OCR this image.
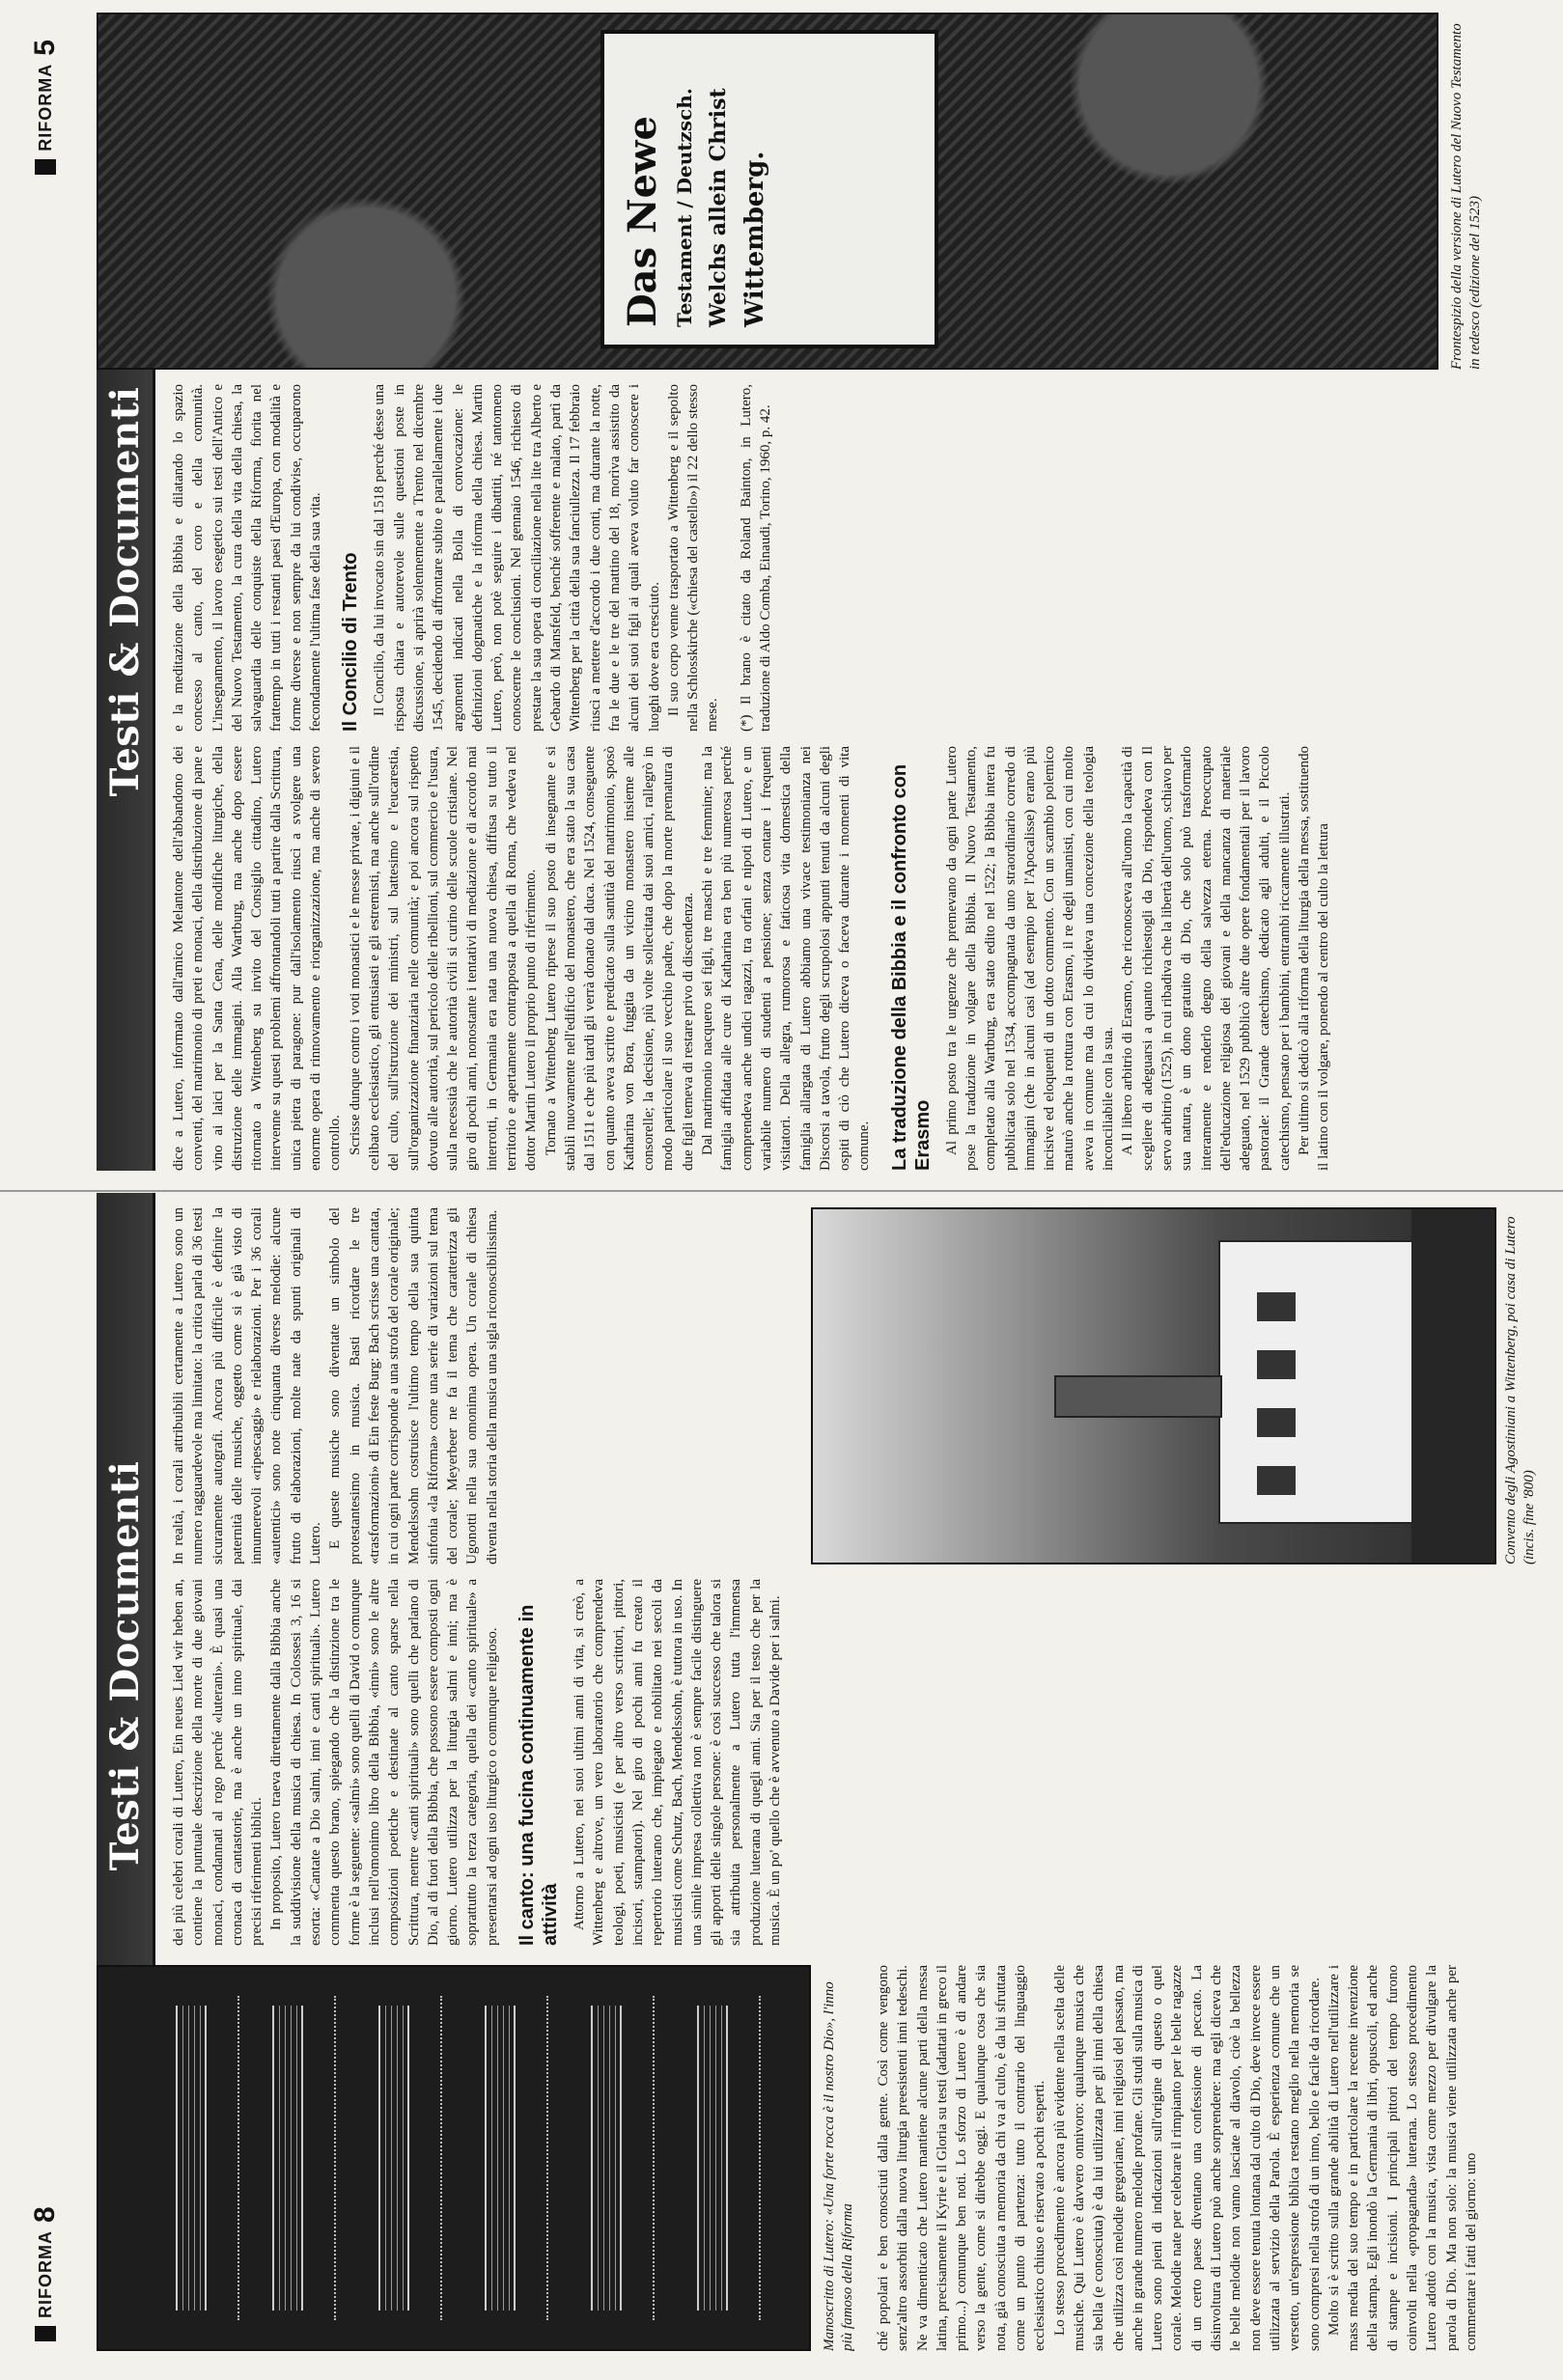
RIFORMA
8
Testi & Documenti
Manoscritto di Lutero: «Una forte rocca è il nostro Dio», l'inno più famoso della Riforma	ché popolari e ben conosciuti dalla gente. Così come vengono senz'altro assorbiti dalla nuova liturgia preesistenti inni tedeschi. Ne va dimenticato che Lutero mantiene alcune parti della messa latina, precisamente il Kyrie e il Gloria su testi (adattati in greco il primo...) comunque ben noti. Lo sforzo di Lutero è di andare verso la gente, come si direbbe oggi. E qualunque cosa che sia nota, già conosciuta a memoria da chi va al culto, è da lui sfruttata come un punto di partenza: tutto il contrario del linguaggio ecclesiastico chiuso e riservato a pochi esperti. Lo stesso procedimento è ancora più evidente nella scelta delle musiche. Qui Lutero è davvero onnivoro: qualunque musica che sia bella (e conosciuta) è da lui utilizzata per gli inni della chiesa che utilizza così melodie gregoriane, inni religiosi del passato, ma anche in grande numero melodie profane. Gli studi sulla musica di Lutero sono pieni di indicazioni sull'origine di questo o quel corale. Melodie nate per celebrare il rimpianto per le belle ragazze di un certo paese diventano una confessione di peccato. La disinvoltura di Lutero può anche sorprendere: ma egli diceva che le belle melodie non vanno lasciate al diavolo, cioè la bellezza non deve essere tenuta lontana dal culto di Dio, deve invece essere utilizzata al servizio della Parola. È esperienza comune che un versetto, un'espressione biblica restano meglio nella memoria se sono compresi nella strofa di un inno, bello e facile da ricordare. Molto si è scritto sulla grande abilità di Lutero nell'utilizzare i mass media del suo tempo e in particolare la recente invenzione della stampa. Egli inondò la Germania di libri, opuscoli, ed anche di stampe e incisioni. I principali pittori del tempo furono coinvolti nella «propaganda» luterana. Lo stesso procedimento Lutero adottò con la musica, vista come mezzo per divulgare la parola di Dio. Ma non solo: la musica viene utilizzata anche per commentare i fatti del giorno: uno

dei più celebri corali di Lutero, Ein neues Lied wir heben an, contiene la puntuale descrizione della morte di due giovani monaci, condannati al rogo perché «luterani». È quasi una cronaca di cantastorie, ma è anche un inno spirituale, dai precisi riferimenti biblici. In proposito, Lutero traeva direttamente dalla Bibbia anche la suddivisione della musica di chiesa. In Colossesi 3, 16 si esorta: «Cantate a Dio salmi, inni e canti spirituali». Lutero commenta questo brano, spiegando che la distinzione tra le forme è la seguente: «salmi» sono quelli di David o comunque inclusi nell'omonimo libro della Bibbia, «inni» sono le altre composizioni poetiche e destinate al canto sparse nella Scrittura, mentre «canti spirituali» sono quelli che parlano di Dio, al di fuori della Bibbia, che possono essere composti ogni giorno. Lutero utilizza per la liturgia salmi e inni; ma è soprattutto la terza categoria, quella dei «canto spirituale» a presentarsi ad ogni uso liturgico o comunque religioso. Il canto: una fucina continuamente in attività Attorno a Lutero, nei suoi ultimi anni di vita, si creò, a Wittenberg e altrove, un vero laboratorio che comprendeva teologi, poeti, musicisti (e per altro verso scrittori, pittori, incisori, stampatori). Nel giro di pochi anni fu creato il repertorio luterano che, impiegato e nobilitato nei secoli da musicisti come Schutz, Bach, Mendelssohn, è tuttora in uso. In una simile impresa collettiva non è sempre facile distinguere gli apporti delle singole persone: è così successo che talora si sia attribuita personalmente a Lutero tutta l'immensa produzione luterana di quegli anni. Sia per il testo che per la musica. È un po' quello che è avvenuto a Davide per i salmi.

In realtà, i corali attribuibili certamente a Lutero sono un numero ragguardevole ma limitato: la critica parla di 36 testi sicuramente autografi. Ancora più difficile è definire la paternità delle musiche, oggetto come si è già visto di innumerevoli «ripescaggi» e rielaborazioni. Per i 36 corali «autentici» sono note cinquanta diverse melodie: alcune frutto di elaborazioni, molte nate da spunti originali di Lutero. E queste musiche sono diventate un simbolo del protestantesimo in musica. Basti ricordare le tre «trasformazioni» di Ein feste Burg: Bach scrisse una cantata, in cui ogni parte corrisponde a una strofa del corale originale; Mendelssohn costruisce l'ultimo tempo della sua quinta sinfonia «la Riforma» come una serie di variazioni sul tema del corale; Meyerbeer ne fa il tema che caratterizza gli Ugonotti nella sua omonima opera. Un corale di chiesa diventa nella storia della musica una sigla riconoscibilissima.	Convento degli Agostiniani a Wittenberg, poi casa di Lutero (incis. fine '800)
RIFORMA
5
Testi & Documenti

dice a Lutero, informato dall'amico Melantone dell'abbandono dei conventi, del matrimonio di preti e monaci, della distribuzione di pane e vino ai laici per la Santa Cena, delle modifiche liturgiche, della distruzione delle immagini. Alla Wartburg, ma anche dopo essere ritornato a Wittenberg su invito del Consiglio cittadino, Lutero intervenne su questi problemi affrontandoli tutti a partire dalla Scrittura, unica pietra di paragone: pur dall'isolamento riuscì a svolgere una enorme opera di rinnovamento e riorganizzazione, ma anche di severo controllo. Scrisse dunque contro i voti monastici e le messe private, i digiuni e il celibato ecclesiastico, gli entusiasti e gli estremisti, ma anche sull'ordine del culto, sull'istruzione dei ministri, sul battesimo e l'eucarestia, sull'organizzazione finanziaria nelle comunità; e poi ancora sul rispetto dovuto alle autorità, sul pericolo delle ribellioni, sul commercio e l'usura, sulla necessità che le autorità civili si curino delle scuole cristiane. Nel giro di pochi anni, nonostante i tentativi di mediazione e di accordo mai interrotti, in Germania era nata una nuova chiesa, diffusa su tutto il territorio e apertamente contrapposta a quella di Roma, che vedeva nel dottor Martin Lutero il proprio punto di riferimento. Tornato a Wittenberg Lutero riprese il suo posto di insegnante e si stabilì nuovamente nell'edificio del monastero, che era stato la sua casa dal 1511 e che più tardi gli verrà donato dal duca. Nel 1524, conseguente con quanto aveva scritto e predicato sulla santità del matrimonio, sposò Katharina von Bora, fuggita da un vicino monastero insieme alle consorelle; la decisione, più volte sollecitata dai suoi amici, rallegrò in modo particolare il suo vecchio padre, che dopo la morte prematura di due figli temeva di restare privo di discendenza. Dal matrimonio nacquero sei figli, tre maschi e tre femmine; ma la famiglia affidata alle cure di Katharina era ben più numerosa perché comprendeva anche undici ragazzi, tra orfani e nipoti di Lutero, e un variabile numero di studenti a pensione; senza contare i frequenti visitatori. Della allegra, rumorosa e faticosa vita domestica della famiglia allargata di Lutero abbiamo una vivace testimonianza nei Discorsi a tavola, frutto degli scrupolosi appunti tenuti da alcuni degli ospiti di ciò che Lutero diceva o faceva durante i momenti di vita comune. La traduzione della Bibbia e il confronto con Erasmo Al primo posto tra le urgenze che premevano da ogni parte Lutero pose la traduzione in volgare della Bibbia. Il Nuovo Testamento, completato alla Wartburg, era stato edito nel 1522; la Bibbia intera fu pubblicata solo nel 1534, accompagnata da uno straordinario corredo di immagini (che in alcuni casi (ad esempio per l'Apocalisse) erano più incisive ed eloquenti di un dotto commento. Con un scambio polemico maturò anche la rottura con Erasmo, il re degli umanisti, con cui molto aveva in comune ma da cui lo divideva una concezione della teologia inconciliabile con la sua. A Il libero arbitrio di Erasmo, che riconosceva all'uomo la capacità di scegliere di adeguarsi a quanto richiestogli da Dio, rispondeva con Il servo arbitrio (1525), in cui ribadiva che la libertà dell'uomo, schiavo per sua natura, è un dono gratuito di Dio, che solo può trasformarlo interamente e renderlo degno della salvezza eterna. Preoccupato dell'educazione religiosa dei giovani e della mancanza di materiale adeguato, nel 1529 pubblicò altre due opere fondamentali per il lavoro pastorale: il Grande catechismo, dedicato agli adulti, e il Piccolo catechismo, pensato per i bambini, entrambi riccamente illustrati. Per ultimo si dedicò alla riforma della liturgia della messa, sostituendo il latino con il volgare, ponendo al centro del culto la lettura

e la meditazione della Bibbia e dilatando lo spazio concesso al canto, del coro e della comunità. L'insegnamento, il lavoro esegetico sui testi dell'Antico e del Nuovo Testamento, la cura della vita della chiesa, la salvaguardia delle conquiste della Riforma, fiorita nel frattempo in tutti i restanti paesi d'Europa, con modalità e forme diverse e non sempre da lui condivise, occuparono fecondamente l'ultima fase della sua vita. Il Concilio di Trento Il Concilio, da lui invocato sin dal 1518 perché desse una risposta chiara e autorevole sulle questioni poste in discussione, si aprirà solennemente a Trento nel dicembre 1545, decidendo di affrontare subito e parallelamente i due argomenti indicati nella Bolla di convocazione: le definizioni dogmatiche e la riforma della chiesa. Martin Lutero, però, non potè seguire i dibattiti, né tantomeno conoscerne le conclusioni. Nel gennaio 1546, richiesto di prestare la sua opera di conciliazione nella lite tra Alberto e Gebardo di Mansfeld, benché sofferente e malato, partì da Wittenberg per la città della sua fanciullezza. Il 17 febbraio riuscì a mettere d'accordo i due conti, ma durante la notte, fra le due e le tre del mattino del 18, morìva assistito da alcuni dei suoi figli ai quali aveva voluto far conoscere i luoghi dove era cresciuto. Il suo corpo venne trasportato a Wittenberg e il sepolto nella Schlosskirche («chiesa del castello») il 22 dello stesso mese. (*) Il brano è citato da Roland Bainton, in Lutero, traduzione di Aldo Comba, Einaudi, Torino, 1960, p. 42.

Das Newe Testament / Deutzsch. Welchs allein Christ Wittemberg.	Frontespizio della versione di Lutero del Nuovo Testamento in tedesco (edizione del 1523)
